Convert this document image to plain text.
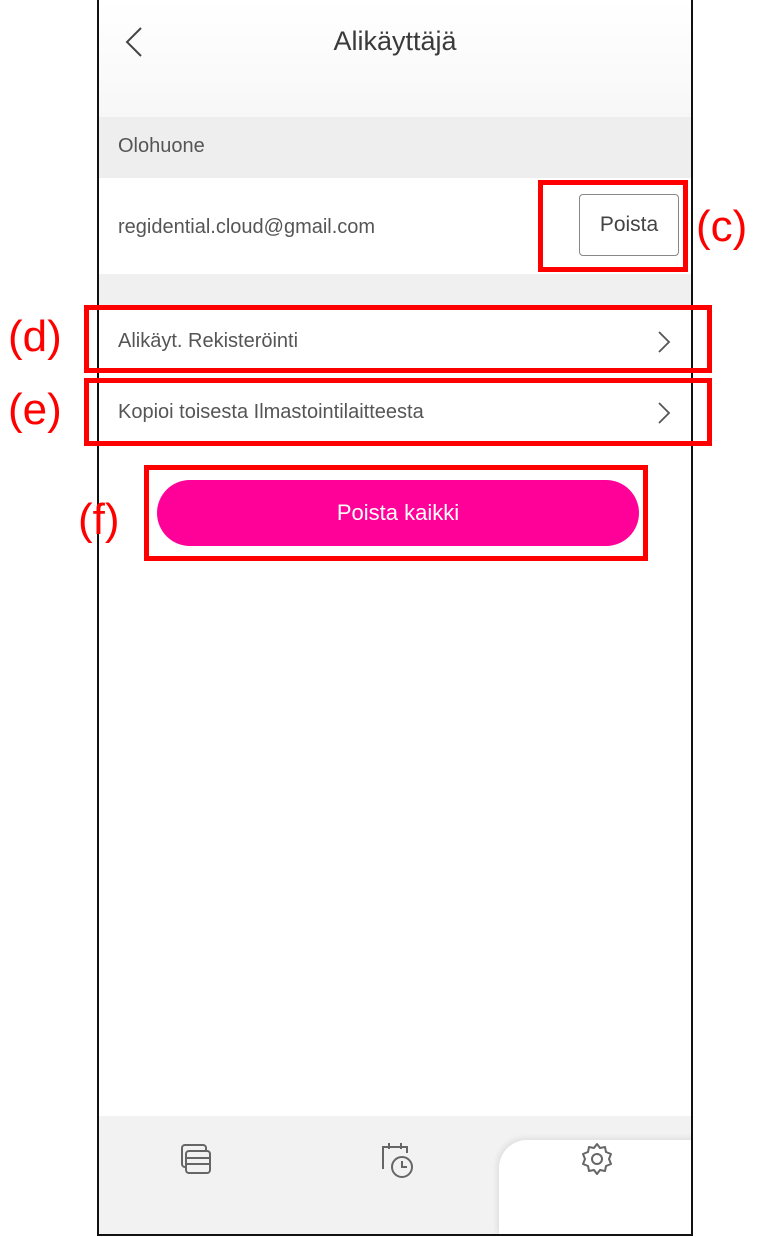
Alikäyttäjä
Olohuone
regidential.cloud@gmail.com	Poista
Alikäyt. Rekisteröinti
Kopioi toisesta Ilmastointilaitteesta
Poista kaikki
(c)
(d)
(e)
(f)
